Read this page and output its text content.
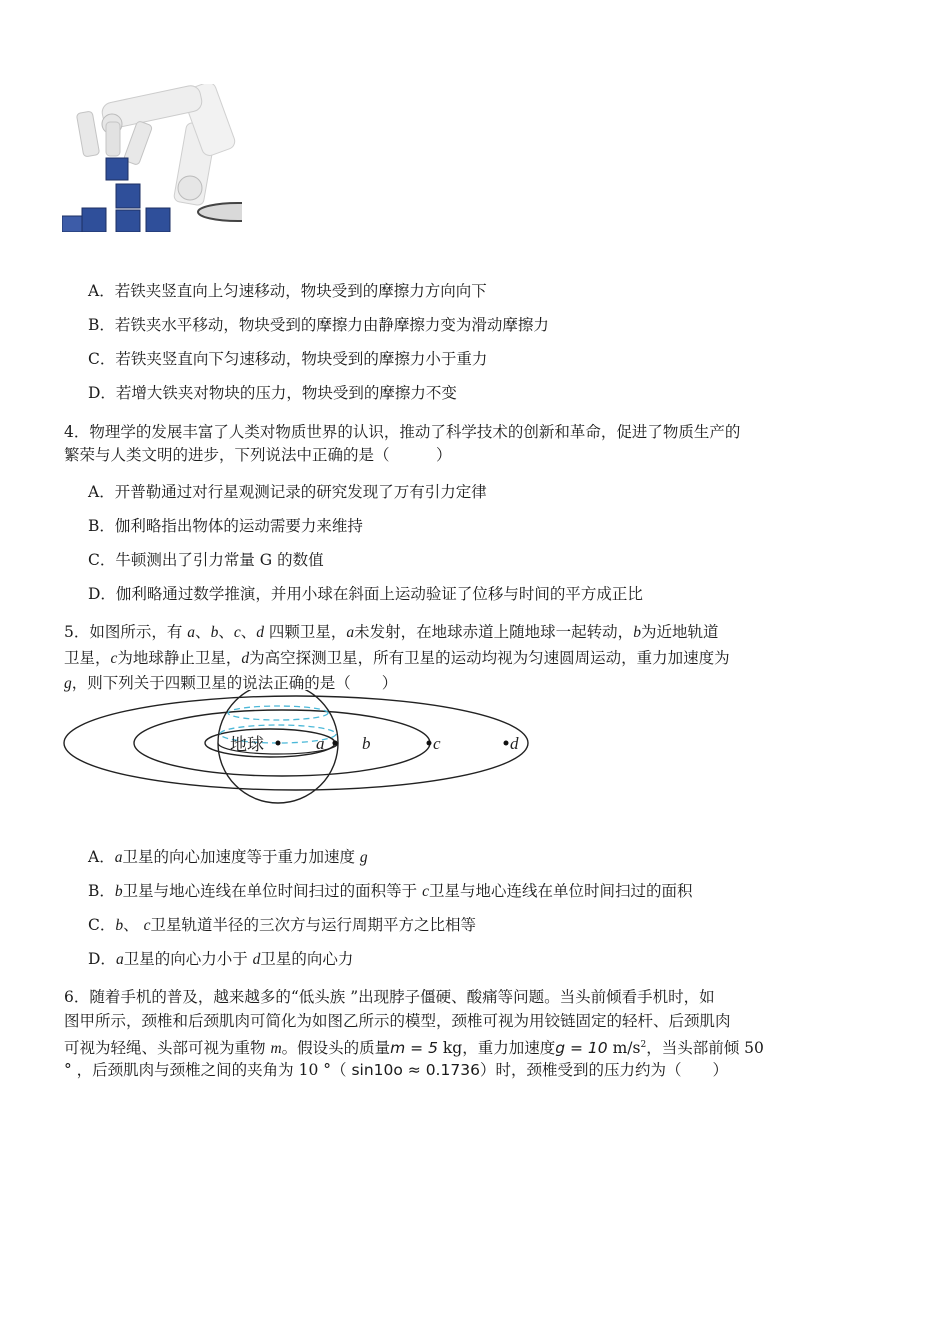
A．若铁夹竖直向上匀速移动，物块受到的摩擦力方向向下
B．若铁夹水平移动，物块受到的摩擦力由静摩擦力变为滑动摩擦力
C．若铁夹竖直向下匀速移动，物块受到的摩擦力小于重力
D．若增大铁夹对物块的压力，物块受到的摩擦力不变
4．物理学的发展丰富了人类对物质世界的认识，推动了科学技术的创新和革命，促进了物质生产的
繁荣与人类文明的进步，下列说法中正确的是（　　　）
A．开普勒通过对行星观测记录的研究发现了万有引力定律
B．伽利略指出物体的运动需要力来维持
C．牛顿测出了引力常量 G 的数值
D．伽利略通过数学推演，并用小球在斜面上运动验证了位移与时间的平方成正比
5．如图所示，有 a、b、c、d 四颗卫星，a未发射，在地球赤道上随地球一起转动，b为近地轨道
卫星，c为地球静止卫星，d为高空探测卫星，所有卫星的运动均视为匀速圆周运动，重力加速度为
g，则下列关于四颗卫星的说法正确的是（　　）
地球	a b	c	d
A．a卫星的向心加速度等于重力加速度 g
B．b卫星与地心连线在单位时间扫过的面积等于 c卫星与地心连线在单位时间扫过的面积
C．b、 c卫星轨道半径的三次方与运行周期平方之比相等
D．a卫星的向心力小于 d卫星的向心力
6．随着手机的普及，越来越多的“低头族 ”出现脖子僵硬、酸痛等问题。当头前倾看手机时，如
图甲所示，颈椎和后颈肌肉可简化为如图乙所示的模型，颈椎可视为用铰链固定的轻杆、后颈肌肉
可视为轻绳、头部可视为重物 m。假设头的质量m = 5 kg，重力加速度g = 10 $m/s^2$，当头部前倾 50
° ，后颈肌肉与颈椎之间的夹角为 10 °（ sin10o ≈ 0.1736）时，颈椎受到的压力约为（　　）
